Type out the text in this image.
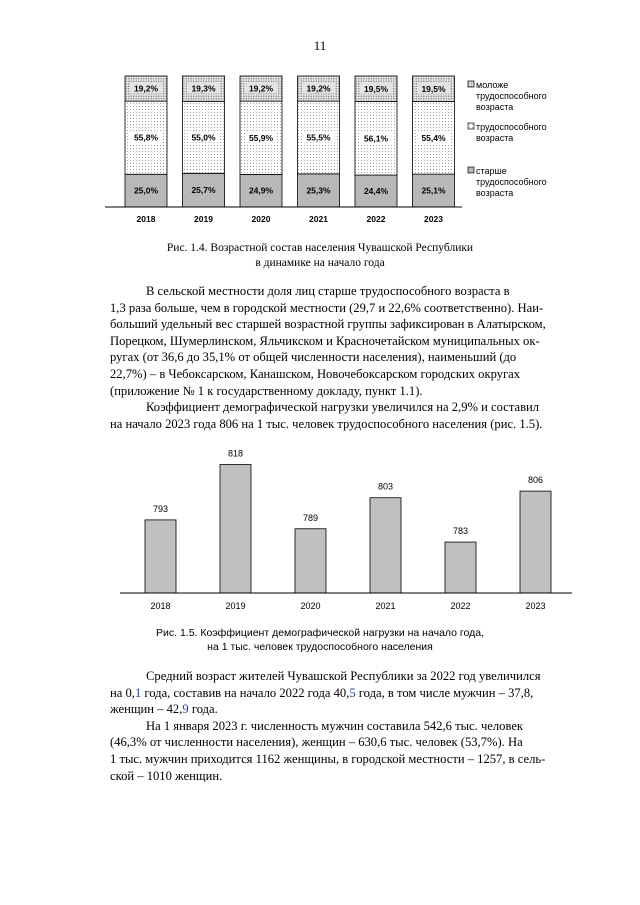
11
25,0%
55,8%
19,2%
2018
25,7%
55,0%
19,3%
2019
24,9%
55,9%
19,2%
2020
25,3%
55,5%
19,2%
2021
24,4%
56,1%
19,5%
2022
25,1%
55,4%
19,5%
2023
моложе
трудоспособного
возраста
трудоспособного
возраста
старше
трудоспособного
возраста
Рис. 1.4. Возрастной состав населения Чувашской Республики
в динамике на начало года

В сельской местности доля лиц старше трудоспособного возраста в

1,3 раза больше, чем в городской местности (29,7 и 22,6% соответственно). Наи-

больший удельный вес старшей возрастной группы зафиксирован в Алатырском,

Порецком, Шумерлинском, Яльчикском и Красночетайском муниципальных ок-

ругах (от 36,6 до 35,1% от общей численности населения), наименьший (до

22,7%) – в Чебоксарском, Канашском, Новочебоксарском городских округах

(приложение № 1 к государственному докладу, пункт 1.1).

Коэффициент демографической нагрузки увеличился на 2,9% и составил

на начало 2023 года 806 на 1 тыс. человек трудоспособного населения (рис. 1.5).

793
2018
818
2019
789
2020
803
2021
783
2022
806
2023
Рис. 1.5. Коэффициент демографической нагрузки на начало года,
на 1 тыс. человек трудоспособного населения

Средний возраст жителей Чувашской Республики за 2022 год увеличился

на 0,1 года, составив на начало 2022 года 40,5 года, в том числе мужчин – 37,8,

женщин – 42,9 года.

На 1 января 2023 г. численность мужчин составила 542,6 тыс. человек

(46,3% от численности населения), женщин – 630,6 тыс. человек (53,7%). На

1 тыс. мужчин приходится 1162 женщины, в городской местности – 1257, в сель-

ской – 1010 женщин.
